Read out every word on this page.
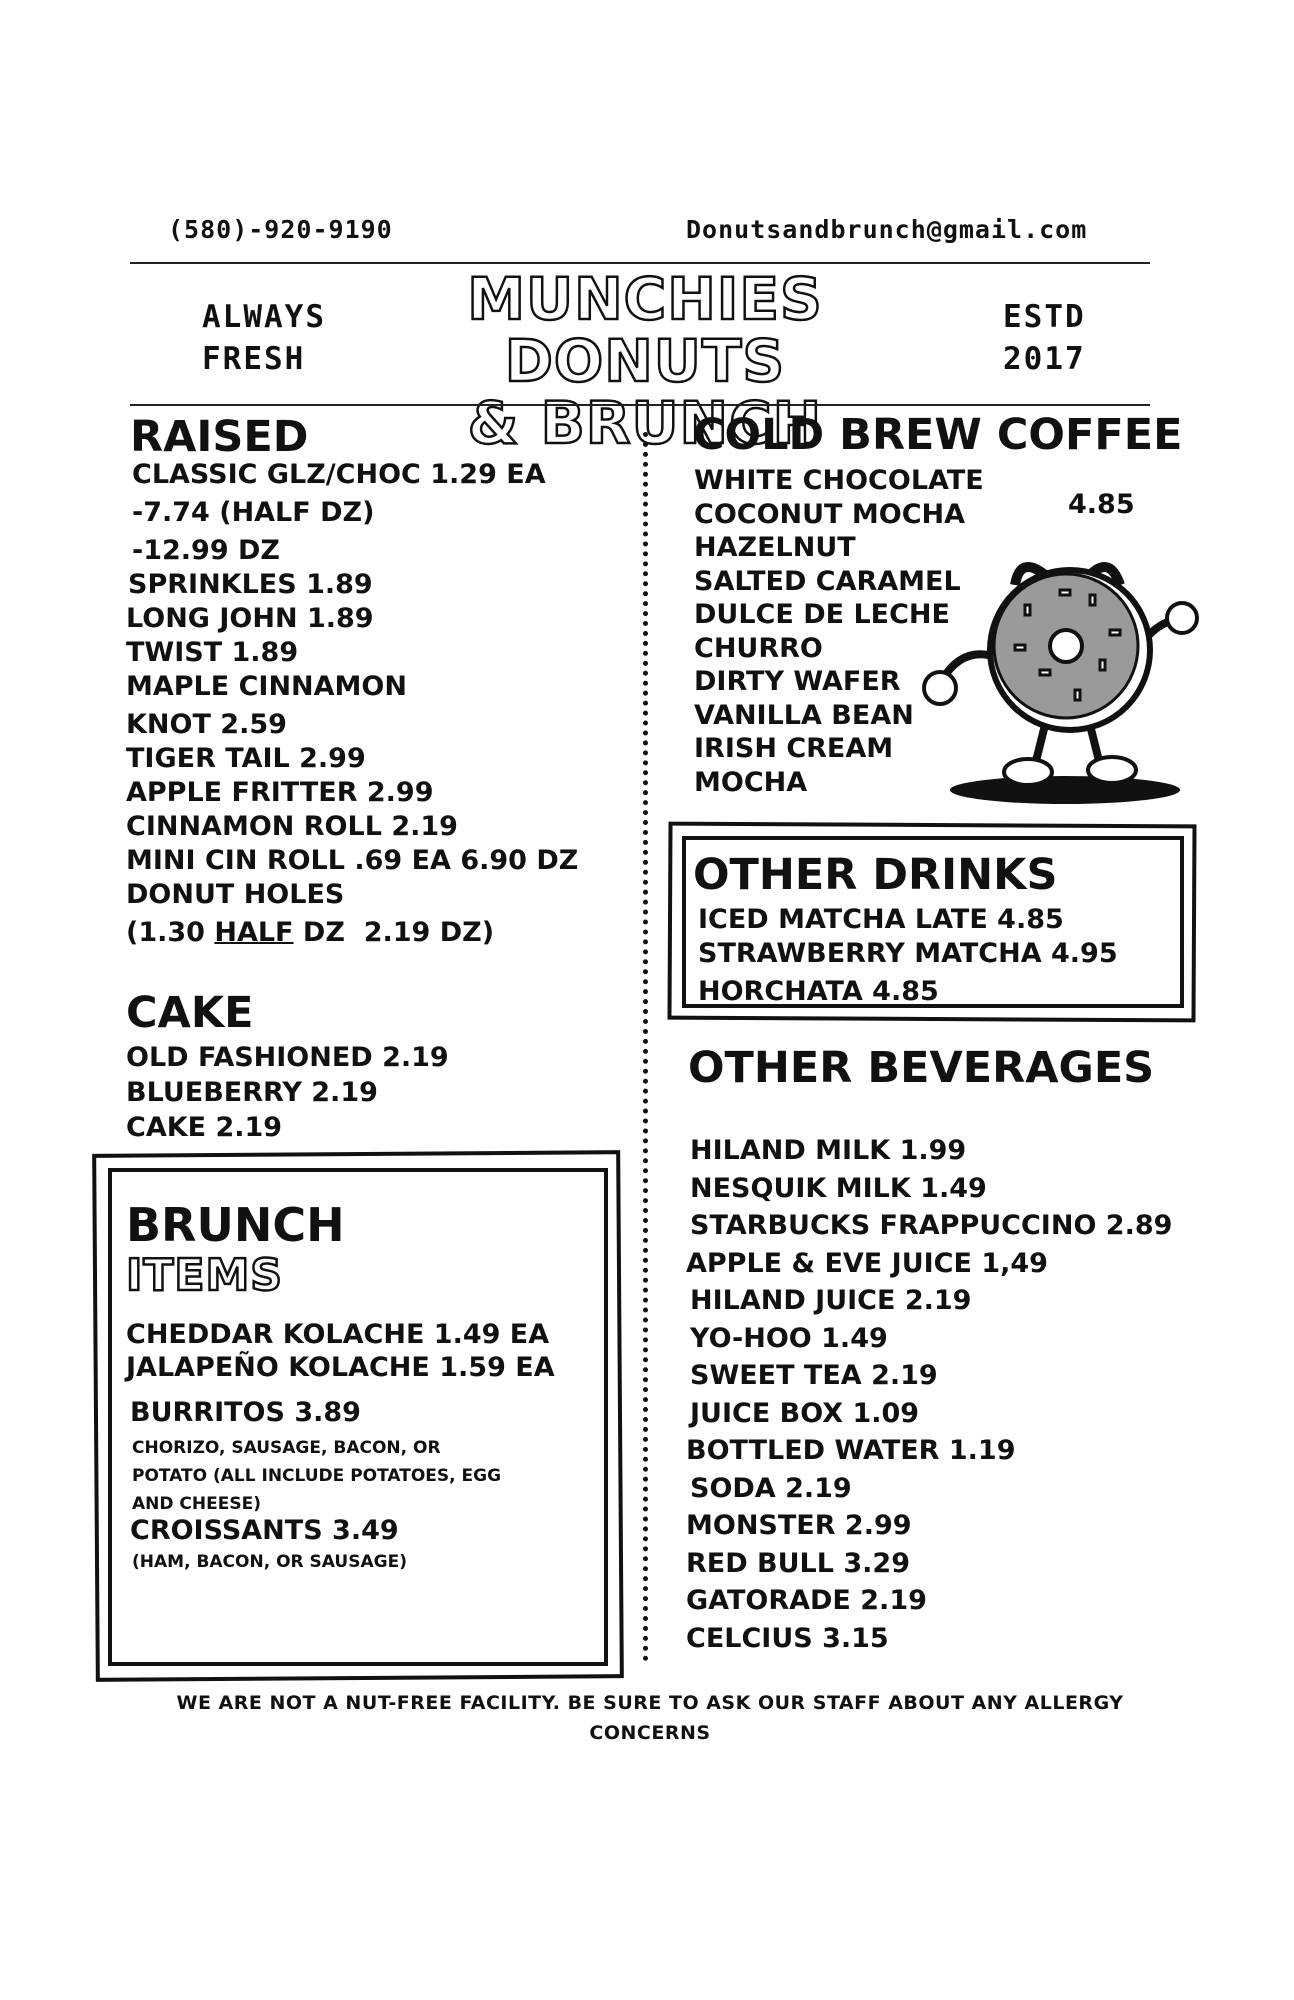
(580)-920-9190	Donutsandbrunch@gmail.com
ALWAYS
FRESH
MUNCHIES DONUTS
& BRUNCH
ESTD
2017
RAISED
CLASSIC GLZ/CHOC 1.29 EA
-7.74 (HALF DZ)
-12.99 DZ
SPRINKLES 1.89
LONG JOHN 1.89
TWIST 1.89
MAPLE CINNAMON
KNOT 2.59
TIGER TAIL 2.99
APPLE FRITTER 2.99
CINNAMON ROLL 2.19
MINI CIN ROLL .69 EA 6.90 DZ
DONUT HOLES
(1.30 HALF DZ  2.19 DZ)
CAKE
OLD FASHIONED 2.19
BLUEBERRY 2.19
CAKE 2.19
BRUNCH
ITEMS
CHEDDAR KOLACHE 1.49 EA
JALAPEÑO KOLACHE 1.59 EA
BURRITOS 3.89
CHORIZO, SAUSAGE, BACON, OR
POTATO (ALL INCLUDE POTATOES, EGG
AND CHEESE)
CROISSANTS 3.49
(HAM, BACON, OR SAUSAGE)
COLD BREW COFFEE
4.85
WHITE CHOCOLATE
COCONUT MOCHA
HAZELNUT
SALTED CARAMEL
DULCE DE LECHE
CHURRO
DIRTY WAFER
VANILLA BEAN
IRISH CREAM
MOCHA
OTHER DRINKS
ICED MATCHA LATE 4.85
STRAWBERRY MATCHA 4.95
HORCHATA 4.85
OTHER BEVERAGES
HILAND MILK 1.99
NESQUIK MILK 1.49
STARBUCKS FRAPPUCCINO 2.89
APPLE & EVE JUICE 1,49
HILAND JUICE 2.19
YO-HOO 1.49
SWEET TEA 2.19
JUICE BOX 1.09
BOTTLED WATER 1.19
SODA 2.19
MONSTER 2.99
RED BULL 3.29
GATORADE 2.19
CELCIUS 3.15
WE ARE NOT A NUT-FREE FACILITY. BE SURE TO ASK OUR STAFF ABOUT ANY ALLERGY
CONCERNS
